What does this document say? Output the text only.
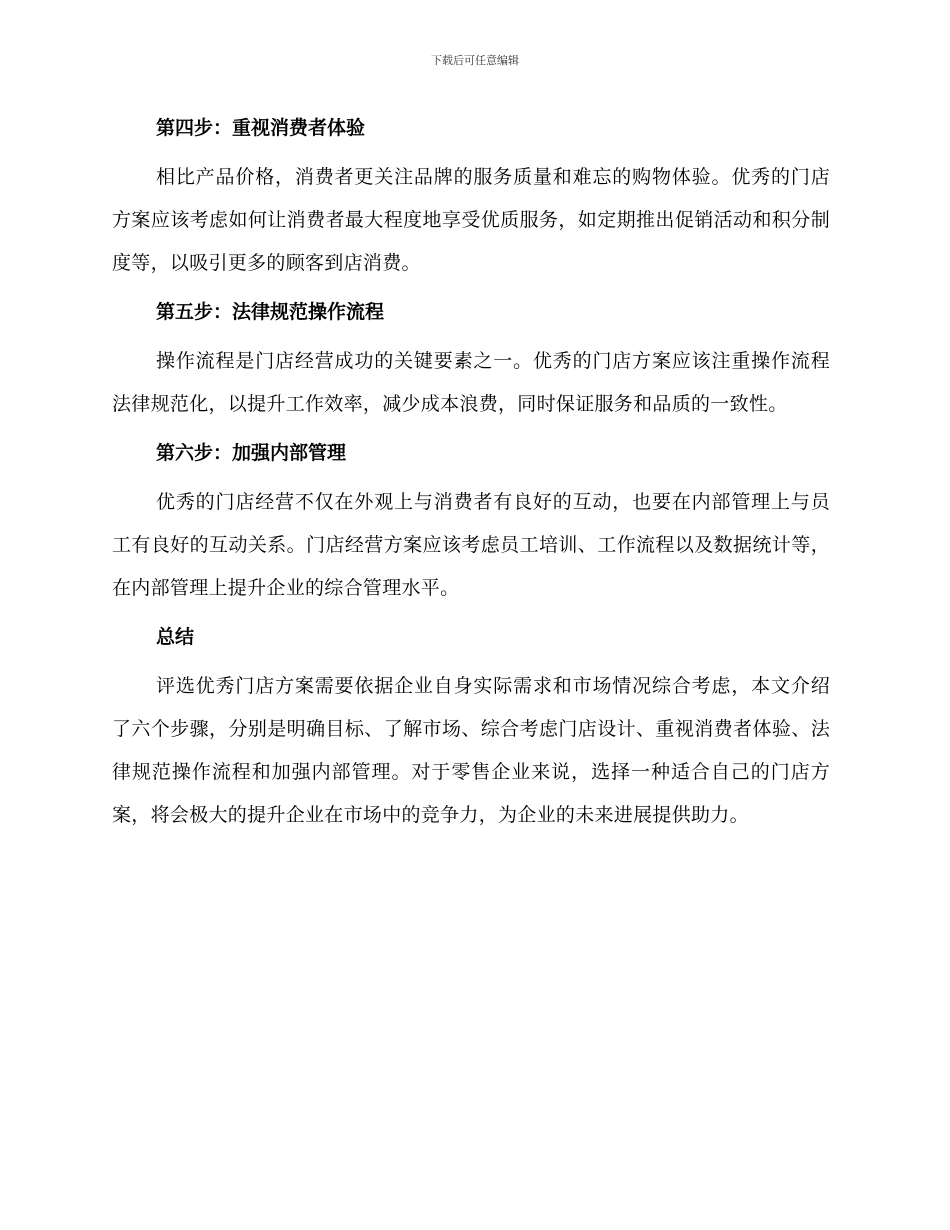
下载后可任意编辑
第四步：重视消费者体验

相比产品价格，消费者更关注品牌的服务质量和难忘的购物体验。优秀的门店方案应该考虑如何让消费者最大程度地享受优质服务，如定期推出促销活动和积分制度等，以吸引更多的顾客到店消费。

第五步：法律规范操作流程

操作流程是门店经营成功的关键要素之一。优秀的门店方案应该注重操作流程法律规范化，以提升工作效率，减少成本浪费，同时保证服务和品质的一致性。

第六步：加强内部管理

优秀的门店经营不仅在外观上与消费者有良好的互动，也要在内部管理上与员工有良好的互动关系。门店经营方案应该考虑员工培训、工作流程以及数据统计等，在内部管理上提升企业的综合管理水平。

总结

评选优秀门店方案需要依据企业自身实际需求和市场情况综合考虑，本文介绍了六个步骤，分别是明确目标、了解市场、综合考虑门店设计、重视消费者体验、法律规范操作流程和加强内部管理。对于零售企业来说，选择一种适合自己的门店方案，将会极大的提升企业在市场中的竞争力，为企业的未来进展提供助力。
